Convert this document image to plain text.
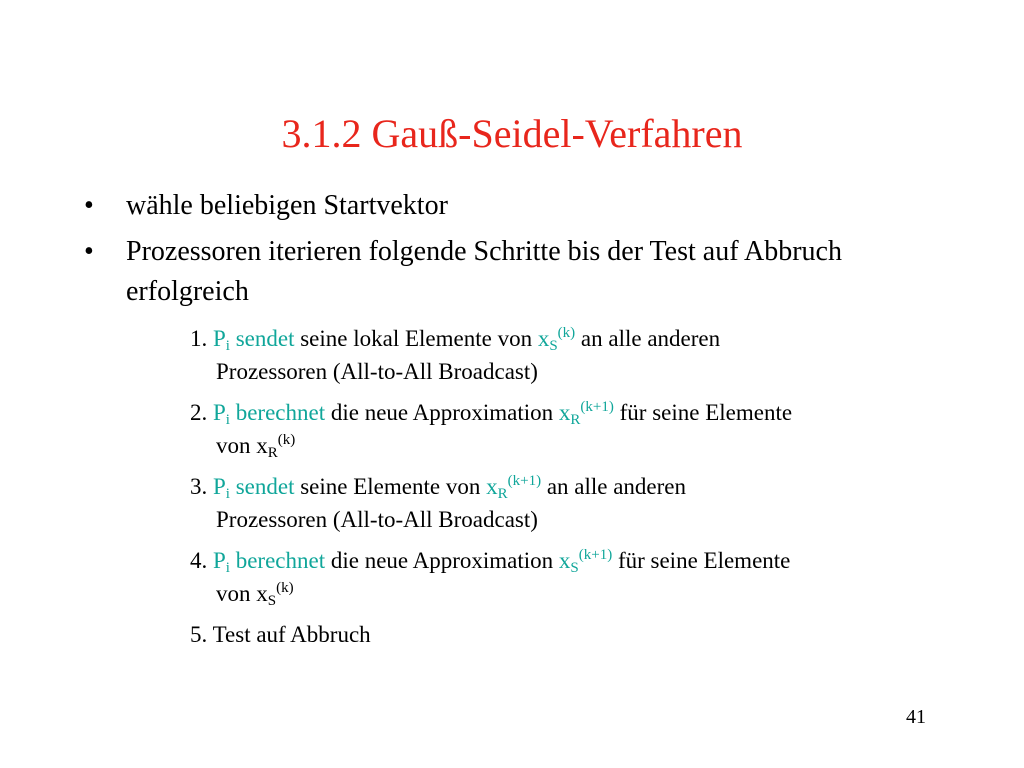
3.1.2 Gauß-Seidel-Verfahren
• wähle beliebigen Startvektor
• Prozessoren iterieren folgende Schritte bis der Test auf Abbruch erfolgreich
1. $P_i$ sendet seine lokal Elemente von $x_S^{(k)}$ an alle anderen
Prozessoren (All-to-All Broadcast)
2. $P_i$ berechnet die neue Approximation $x_R^{(k+1)}$ für seine Elemente
von $x_R^{(k)}$
3. $P_i$ sendet seine Elemente von $x_R^{(k+1)}$ an alle anderen
Prozessoren (All-to-All Broadcast)
4. $P_i$ berechnet die neue Approximation $x_S^{(k+1)}$ für seine Elemente
von $x_S^{(k)}$
5. Test auf Abbruch
41
